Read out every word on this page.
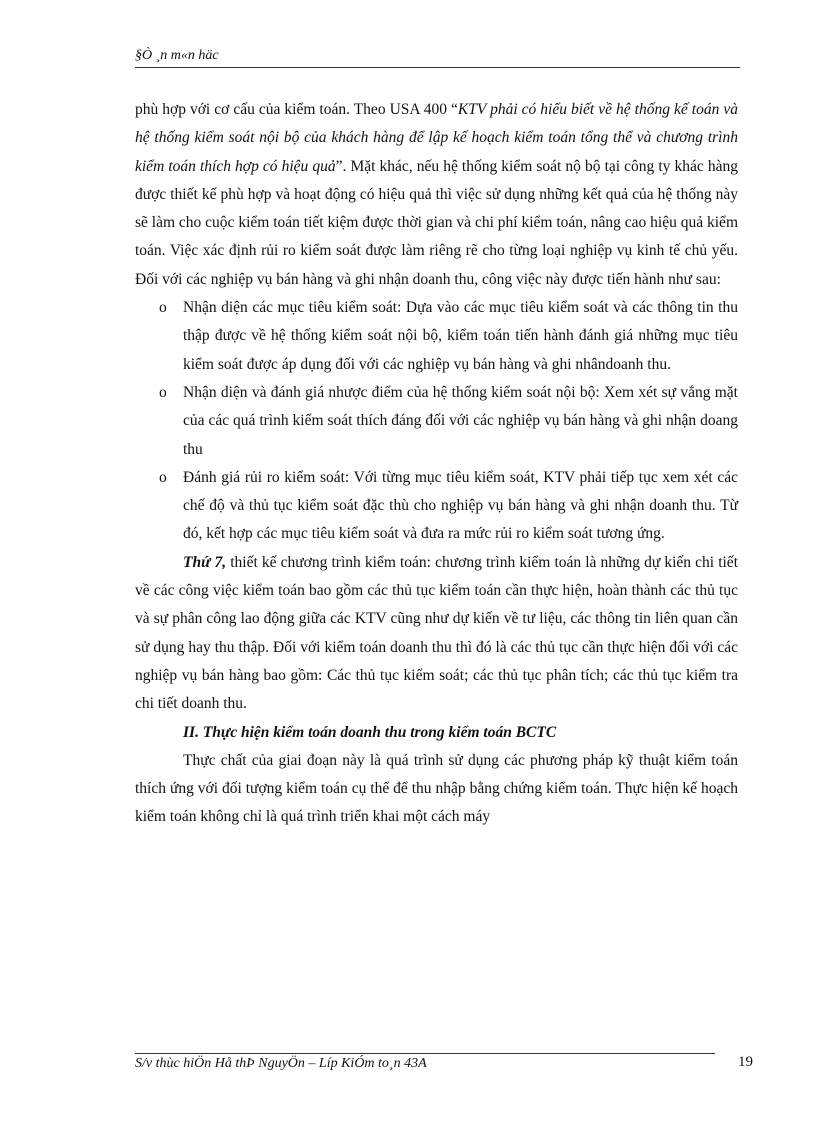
§Ò ¸n m«n häc

phù hợp với cơ cấu của kiểm toán. Theo USA 400 “KTV phải có hiểu biết về hệ thống kế toán và hệ thống kiểm soát nội bộ của khách hàng để lập kế hoạch kiểm toán tổng thể và chương trình kiểm toán thích hợp có hiệu quả”. Mặt khác, nếu hệ thống kiểm soát nộ bộ tại công ty khác hàng được thiết kế phù hợp và hoạt động có hiệu quả thì việc sử dụng những kết quả của hệ thống này sẽ làm cho cuộc kiểm toán tiết kiệm được thời gian và chi phí kiểm toán, nâng cao hiệu quả kiểm toán. Việc xác định rủi ro kiểm soát được làm riêng rẽ cho từng loại nghiệp vụ kinh tế chủ yếu. Đối với các nghiệp vụ bán hàng và ghi nhận doanh thu, công việc này được tiến hành như sau:

o Nhận diện các mục tiêu kiểm soát: Dựa vào các mục tiêu kiểm soát và các thông tin thu thập được về hệ thống kiểm soát nội bộ, kiểm toán tiến hành đánh giá những mục tiêu kiểm soát được áp dụng đối với các nghiệp vụ bán hàng và ghi nhândoanh thu.
o Nhận diện và đánh giá nhược điểm của hệ thống kiểm soát nội bộ: Xem xét sự vắng mặt của các quá trình kiểm soát thích đáng đối với các nghiệp vụ bán hàng và ghi nhận doang thu
o Đánh giá rủi ro kiểm soát: Với từng mục tiêu kiểm soát, KTV phải tiếp tục xem xét các chế độ và thủ tục kiểm soát đặc thù cho nghiệp vụ bán hàng và ghi nhận doanh thu. Từ đó, kết hợp các mục tiêu kiểm soát và đưa ra mức rủi ro kiểm soát tương ứng.

Thứ 7, thiết kế chương trình kiểm toán: chương trình kiểm toán là những dự kiến chi tiết về các công việc kiểm toán bao gồm các thủ tục kiểm toán cần thực hiện, hoàn thành các thủ tục và sự phân công lao động giữa các KTV cũng như dự kiến về tư liệu, các thông tin liên quan cần sử dụng hay thu thập. Đối với kiểm toán doanh thu thì đó là các thủ tục cần thực hiện đối với các nghiệp vụ bán hàng bao gồm: Các thủ tục kiểm soát; các thủ tục phân tích; các thủ tục kiểm tra chi tiết doanh thu.

II. Thực hiện kiểm toán doanh thu trong kiểm toán BCTC

Thực chất của giai đoạn này là quá trình sử dụng các phương pháp kỹ thuật kiểm toán thích ứng với đối tượng kiểm toán cụ thể để thu nhập bằng chứng kiểm toán. Thực hiện kế hoạch kiểm toán không chỉ là quá trình triển khai một cách máy

S/v thùc hiÖn Hå thÞ NguyÖn – Líp KiÓm to¸n 43A	19
